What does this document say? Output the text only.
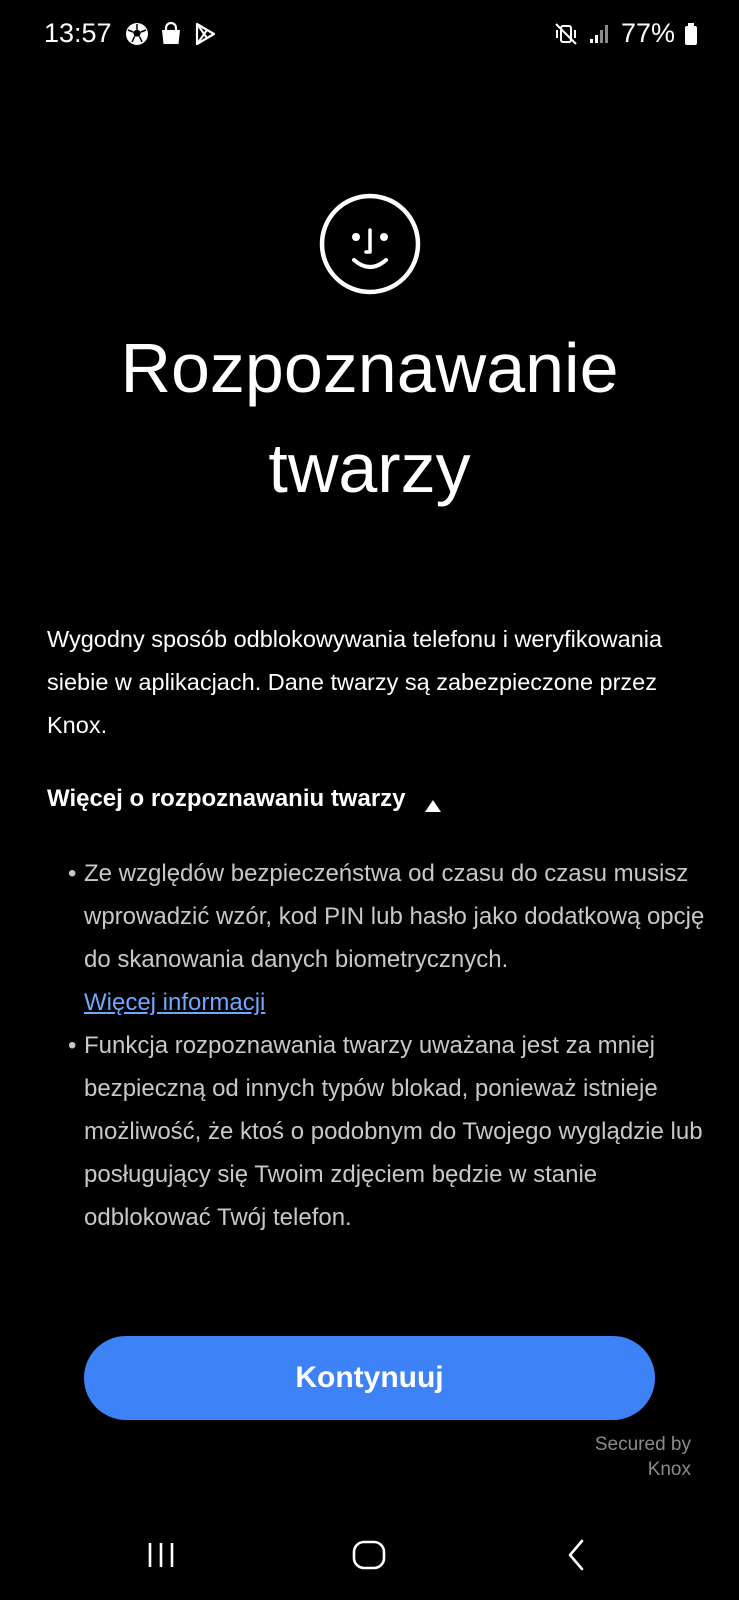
13:57	77%
Rozpoznawanie twarzy

Wygodny sposób odblokowywania telefonu i weryfikowania siebie w aplikacjach. Dane twarzy są zabezpieczone przez Knox.

Więcej o rozpoznawaniu twarzy
• Ze względów bezpieczeństwa od czasu do czasu musisz wprowadzić wzór, kod PIN lub hasło jako dodatkową opcję do skanowania danych biometrycznych.
Więcej informacji
• Funkcja rozpoznawania twarzy uważana jest za mniej bezpieczną od innych typów blokad, ponieważ istnieje możliwość, że ktoś o podobnym do Twojego wyglądzie lub posługujący się Twoim zdjęciem będzie w stanie odblokować Twój telefon.
Kontynuuj
Secured by
Knox
